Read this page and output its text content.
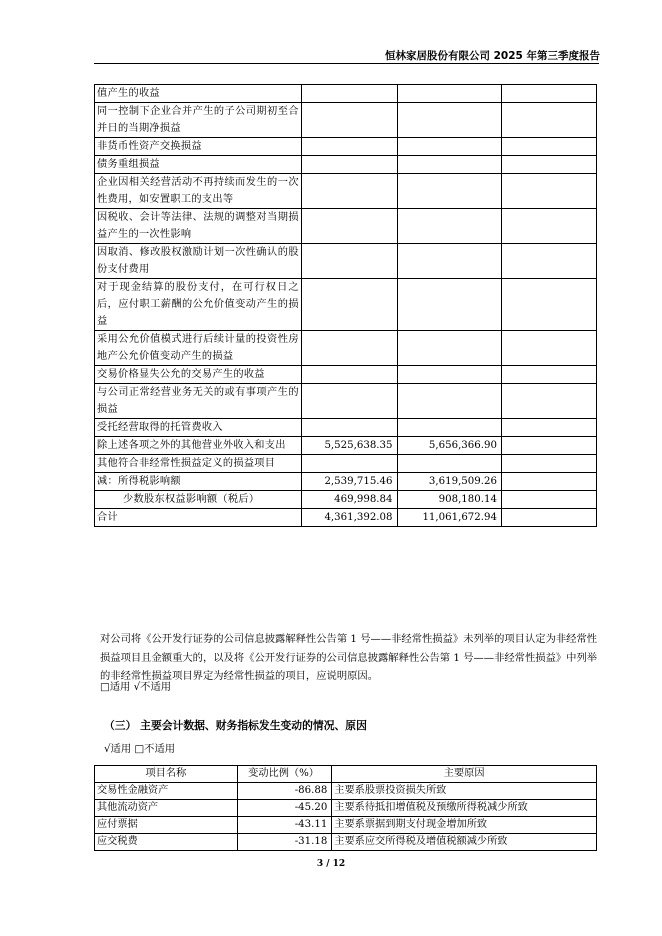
恒林家居股份有限公司 2025 年第三季度报告
值产生的收益			
同一控制下企业合并产生的子公司期初至合并日的当期净损益			
非货币性资产交换损益			
债务重组损益			
企业因相关经营活动不再持续而发生的一次性费用，如安置职工的支出等			
因税收、会计等法律、法规的调整对当期损益产生的一次性影响			
因取消、修改股权激励计划一次性确认的股份支付费用			
对于现金结算的股份支付，在可行权日之后，应付职工薪酬的公允价值变动产生的损益			
采用公允价值模式进行后续计量的投资性房地产公允价值变动产生的损益			
交易价格显失公允的交易产生的收益			
与公司正常经营业务无关的或有事项产生的损益			
受托经营取得的托管费收入			
除上述各项之外的其他营业外收入和支出	5,525,638.35	5,656,366.90	
其他符合非经常性损益定义的损益项目			
减：所得税影响额	2,539,715.46	3,619,509.26	
少数股东权益影响额（税后）	469,998.84	908,180.14	
合计	4,361,392.08	11,061,672.94	

对公司将《公开发行证券的公司信息披露解释性公告第 1 号——非经常性损益》未列举的项目认定为非经常性损益项目且金额重大的，以及将《公开发行证券的公司信息披露解释性公告第 1 号——非经常性损益》中列举的非经常性损益项目界定为经常性损益的项目，应说明原因。

□适用 √不适用
（三） 主要会计数据、财务指标发生变动的情况、原因
√适用 □不适用
项目名称	变动比例（%）	主要原因
交易性金融资产	-86.88	主要系股票投资损失所致
其他流动资产	-45.20	主要系待抵扣增值税及预缴所得税减少所致
应付票据	-43.11	主要系票据到期支付现金增加所致
应交税费	-31.18	主要系应交所得税及增值税额减少所致
3 / 12
